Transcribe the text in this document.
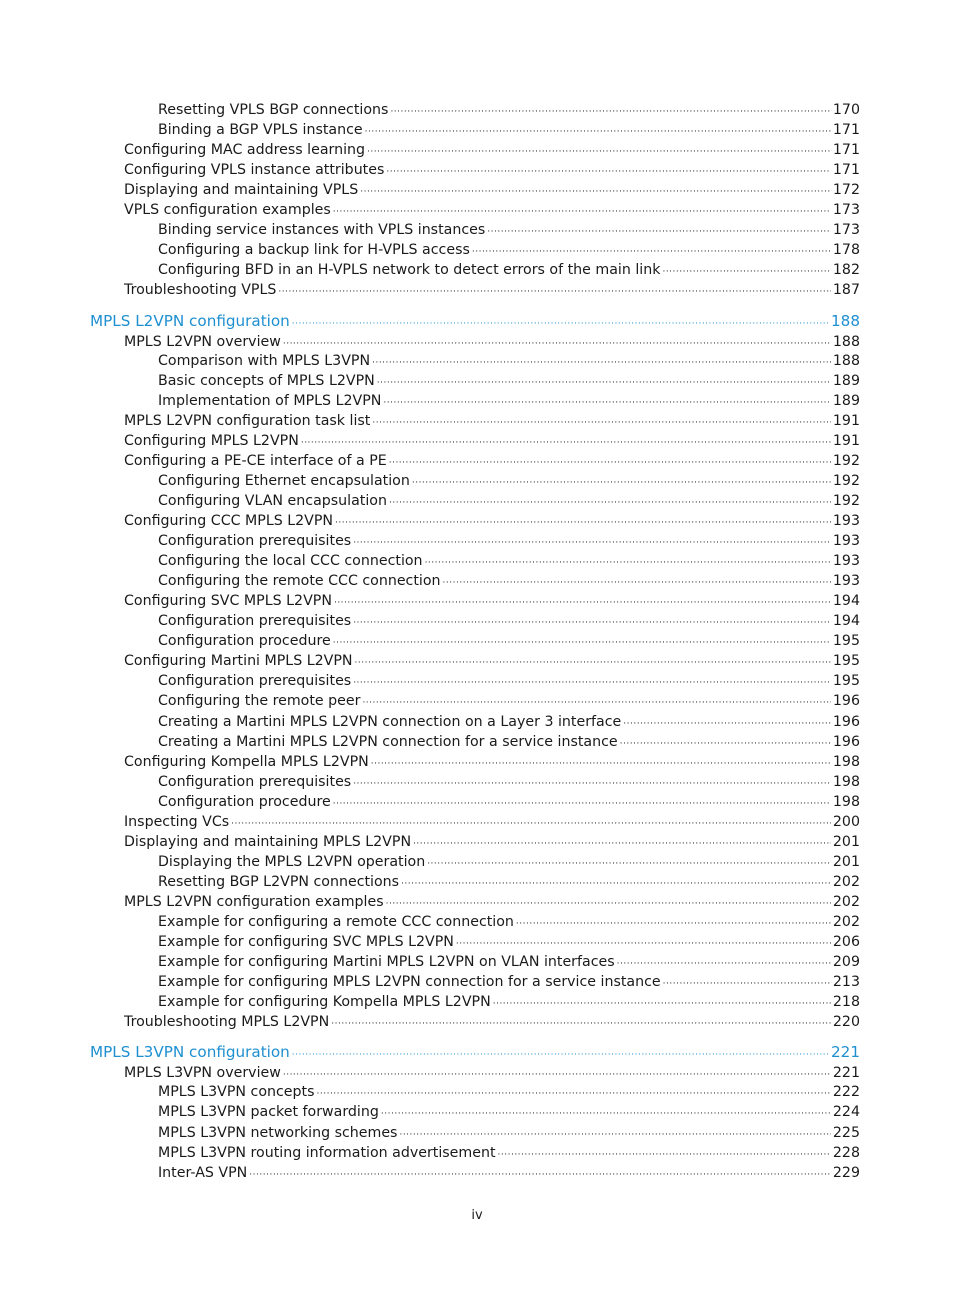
Resetting VPLS BGP connections ·····	170
Binding a BGP VPLS instance ·····	171
Configuring MAC address learning ·····	171
Configuring VPLS instance attributes ·····	171
Displaying and maintaining VPLS ·····	172
VPLS configuration examples ·····	173
Binding service instances with VPLS instances ·····	173
Configuring a backup link for H-VPLS access ·····	178
Configuring BFD in an H-VPLS network to detect errors of the main link ·····	182
Troubleshooting VPLS ·····	187
MPLS L2VPN configuration ·····	188
MPLS L2VPN overview ·····	188
Comparison with MPLS L3VPN ·····	188
Basic concepts of MPLS L2VPN ·····	189
Implementation of MPLS L2VPN ·····	189
MPLS L2VPN configuration task list ·····	191
Configuring MPLS L2VPN ·····	191
Configuring a PE-CE interface of a PE ·····	192
Configuring Ethernet encapsulation ·····	192
Configuring VLAN encapsulation ·····	192
Configuring CCC MPLS L2VPN ·····	193
Configuration prerequisites ·····	193
Configuring the local CCC connection ·····	193
Configuring the remote CCC connection ·····	193
Configuring SVC MPLS L2VPN ·····	194
Configuration prerequisites ·····	194
Configuration procedure ·····	195
Configuring Martini MPLS L2VPN ·····	195
Configuration prerequisites ·····	195
Configuring the remote peer ·····	196
Creating a Martini MPLS L2VPN connection on a Layer 3 interface ·····	196
Creating a Martini MPLS L2VPN connection for a service instance ·····	196
Configuring Kompella MPLS L2VPN ·····	198
Configuration prerequisites ·····	198
Configuration procedure ·····	198
Inspecting VCs ·····	200
Displaying and maintaining MPLS L2VPN ·····	201
Displaying the MPLS L2VPN operation ·····	201
Resetting BGP L2VPN connections ·····	202
MPLS L2VPN configuration examples ·····	202
Example for configuring a remote CCC connection ·····	202
Example for configuring SVC MPLS L2VPN ·····	206
Example for configuring Martini MPLS L2VPN on VLAN interfaces ·····	209
Example for configuring MPLS L2VPN connection for a service instance ·····	213
Example for configuring Kompella MPLS L2VPN ·····	218
Troubleshooting MPLS L2VPN ·····	220
MPLS L3VPN configuration ·····	221
MPLS L3VPN overview ·····	221
MPLS L3VPN concepts ·····	222
MPLS L3VPN packet forwarding ·····	224
MPLS L3VPN networking schemes ·····	225
MPLS L3VPN routing information advertisement ·····	228
Inter-AS VPN ·····	229
iv
